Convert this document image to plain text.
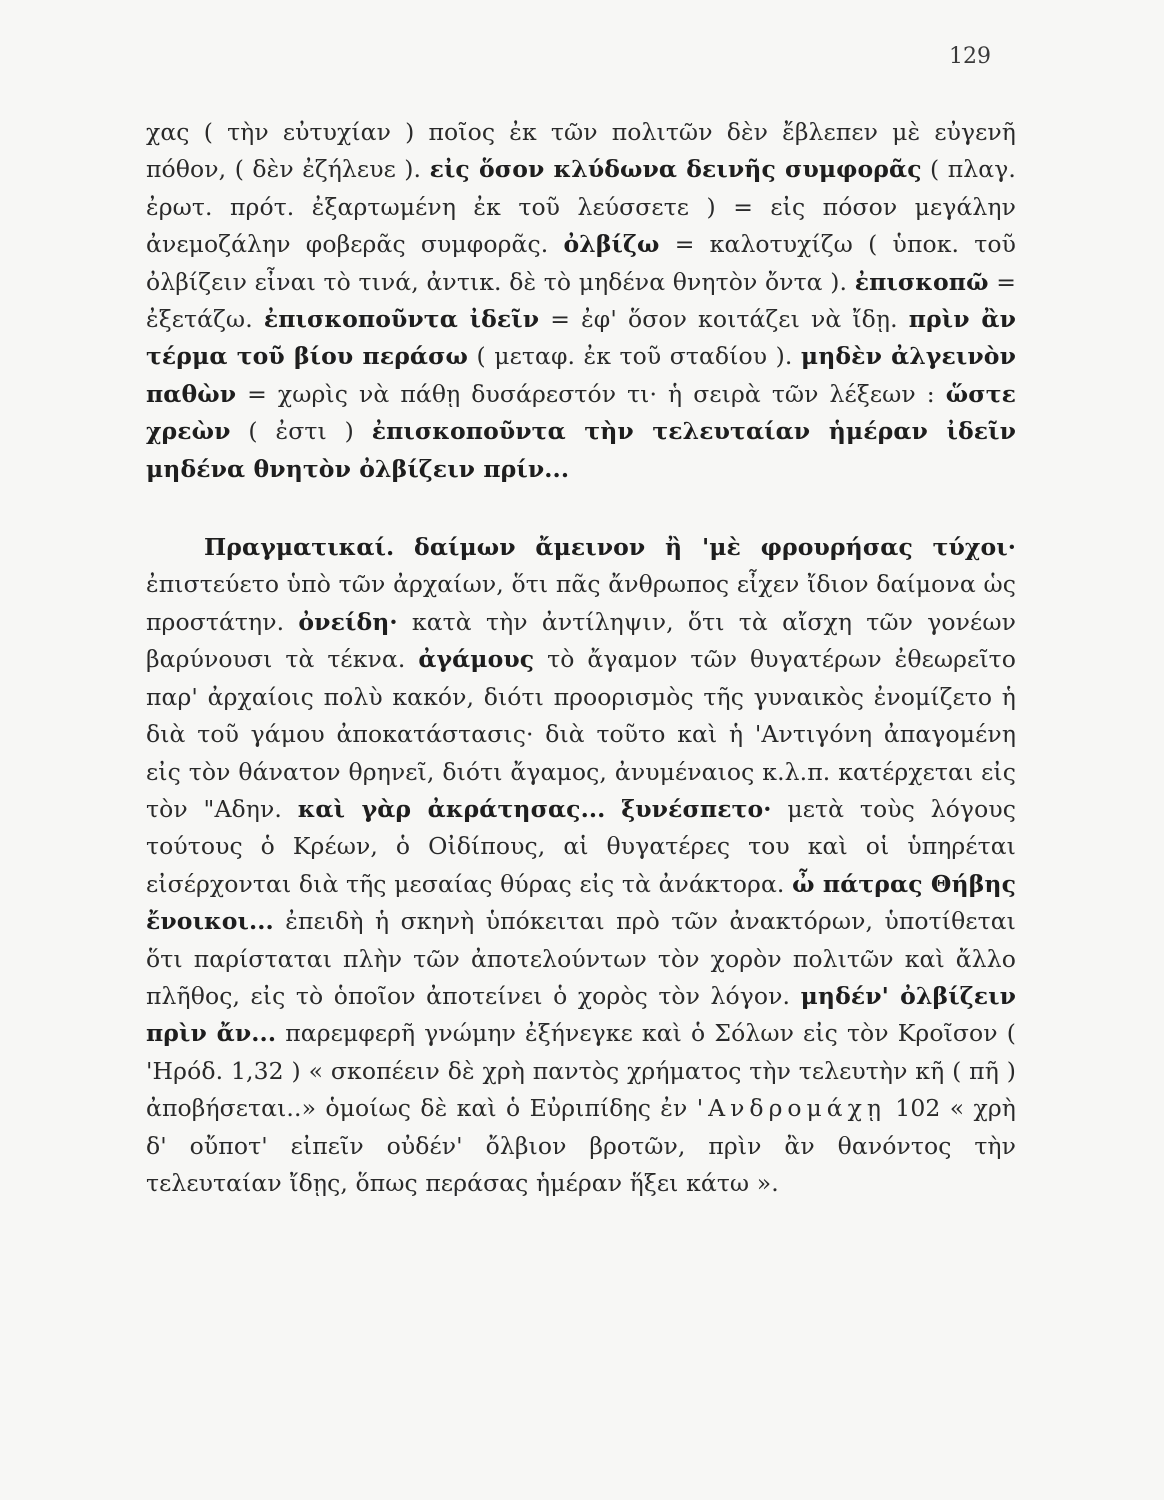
129

χας ( τὴν εὐτυχίαν ) ποῖος ἐκ τῶν πολιτῶν δὲν ἔβλεπεν μὲ εὐγενῆ πόθον, ( δὲν ἐζήλευε ). εἰς ὅσον κλύδωνα δεινῆς συμφορᾶς ( πλαγ. ἐρωτ. πρότ. ἐξαρτωμένη ἐκ τοῦ λεύσσετε ) = εἰς πόσον μεγάλην ἀνεμοζάλην φοβερᾶς συμφορᾶς. ὀλβίζω = καλοτυχίζω ( ὑποκ. τοῦ ὀλβίζειν εἶναι τὸ τινά, ἀντικ. δὲ τὸ μηδένα θνητὸν ὄντα ). ἐπισκοπῶ = ἐξετάζω. ἐπισκοποῦντα ἰδεῖν = ἐφ' ὅσον κοιτάζει νὰ ἴδῃ. πρὶν ἂν τέρμα τοῦ βίου περάσω ( μεταφ. ἐκ τοῦ σταδίου ). μηδὲν ἀλγεινὸν παθὼν = χωρὶς νὰ πάθῃ δυσάρεστόν τι· ἡ σειρὰ τῶν λέξεων : ὥστε χρεὼν ( ἐστι ) ἐπισκοποῦντα τὴν τελευταίαν ἡμέραν ἰδεῖν μηδένα θνητὸν ὀλβίζειν πρίν...

Πραγματικαί. δαίμων ἄμεινον ἢ 'μὲ φρουρήσας τύχοι· ἐπιστεύετο ὑπὸ τῶν ἀρχαίων, ὅτι πᾶς ἄνθρωπος εἶχεν ἴδιον δαίμονα ὡς προστάτην. ὀνείδη· κατὰ τὴν ἀντίληψιν, ὅτι τὰ αἴσχη τῶν γονέων βαρύνουσι τὰ τέκνα. ἀγάμους τὸ ἄγαμον τῶν θυγατέρων ἐθεωρεῖτο παρ' ἀρχαίοις πολὺ κακόν, διότι προορισμὸς τῆς γυναικὸς ἐνομίζετο ἡ διὰ τοῦ γάμου ἀποκατάστασις· διὰ τοῦτο καὶ ἡ 'Αντιγόνη ἀπαγομένη εἰς τὸν θάνατον θρηνεῖ, διότι ἄγαμος, ἀνυμέναιος κ.λ.π. κατέρχεται εἰς τὸν "Αδην. καὶ γὰρ ἀκράτησας... ξυνέσπετο· μετὰ τοὺς λόγους τούτους ὁ Κρέων, ὁ Οἰδίπους, αἱ θυγατέρες του καὶ οἱ ὑπηρέται εἰσέρχονται διὰ τῆς μεσαίας θύρας εἰς τὰ ἀνάκτορα. ὦ πάτρας Θήβης ἔνοικοι... ἐπειδὴ ἡ σκηνὴ ὑπόκειται πρὸ τῶν ἀνακτόρων, ὑποτίθεται ὅτι παρίσταται πλὴν τῶν ἀποτελούντων τὸν χορὸν πολιτῶν καὶ ἄλλο πλῆθος, εἰς τὸ ὁποῖον ἀποτείνει ὁ χορὸς τὸν λόγον. μηδέν' ὀλβίζειν πρὶν ἄν... παρεμφερῆ γνώμην ἐξήνεγκε καὶ ὁ Σόλων εἰς τὸν Κροῖσον ( 'Ηρόδ. 1,32 ) « σκοπέειν δὲ χρὴ παντὸς χρήματος τὴν τελευτὴν κῆ ( πῆ ) ἀποβήσεται..» ὁμοίως δὲ καὶ ὁ Εὐριπίδης ἐν 'Ανδρομάχῃ 102 « χρὴ δ' οὔποτ' εἰπεῖν οὐδέν' ὄλβιον βροτῶν, πρὶν ἂν θανόντος τὴν τελευταίαν ἴδῃς, ὅπως περάσας ἡμέραν ἥξει κάτω ».
